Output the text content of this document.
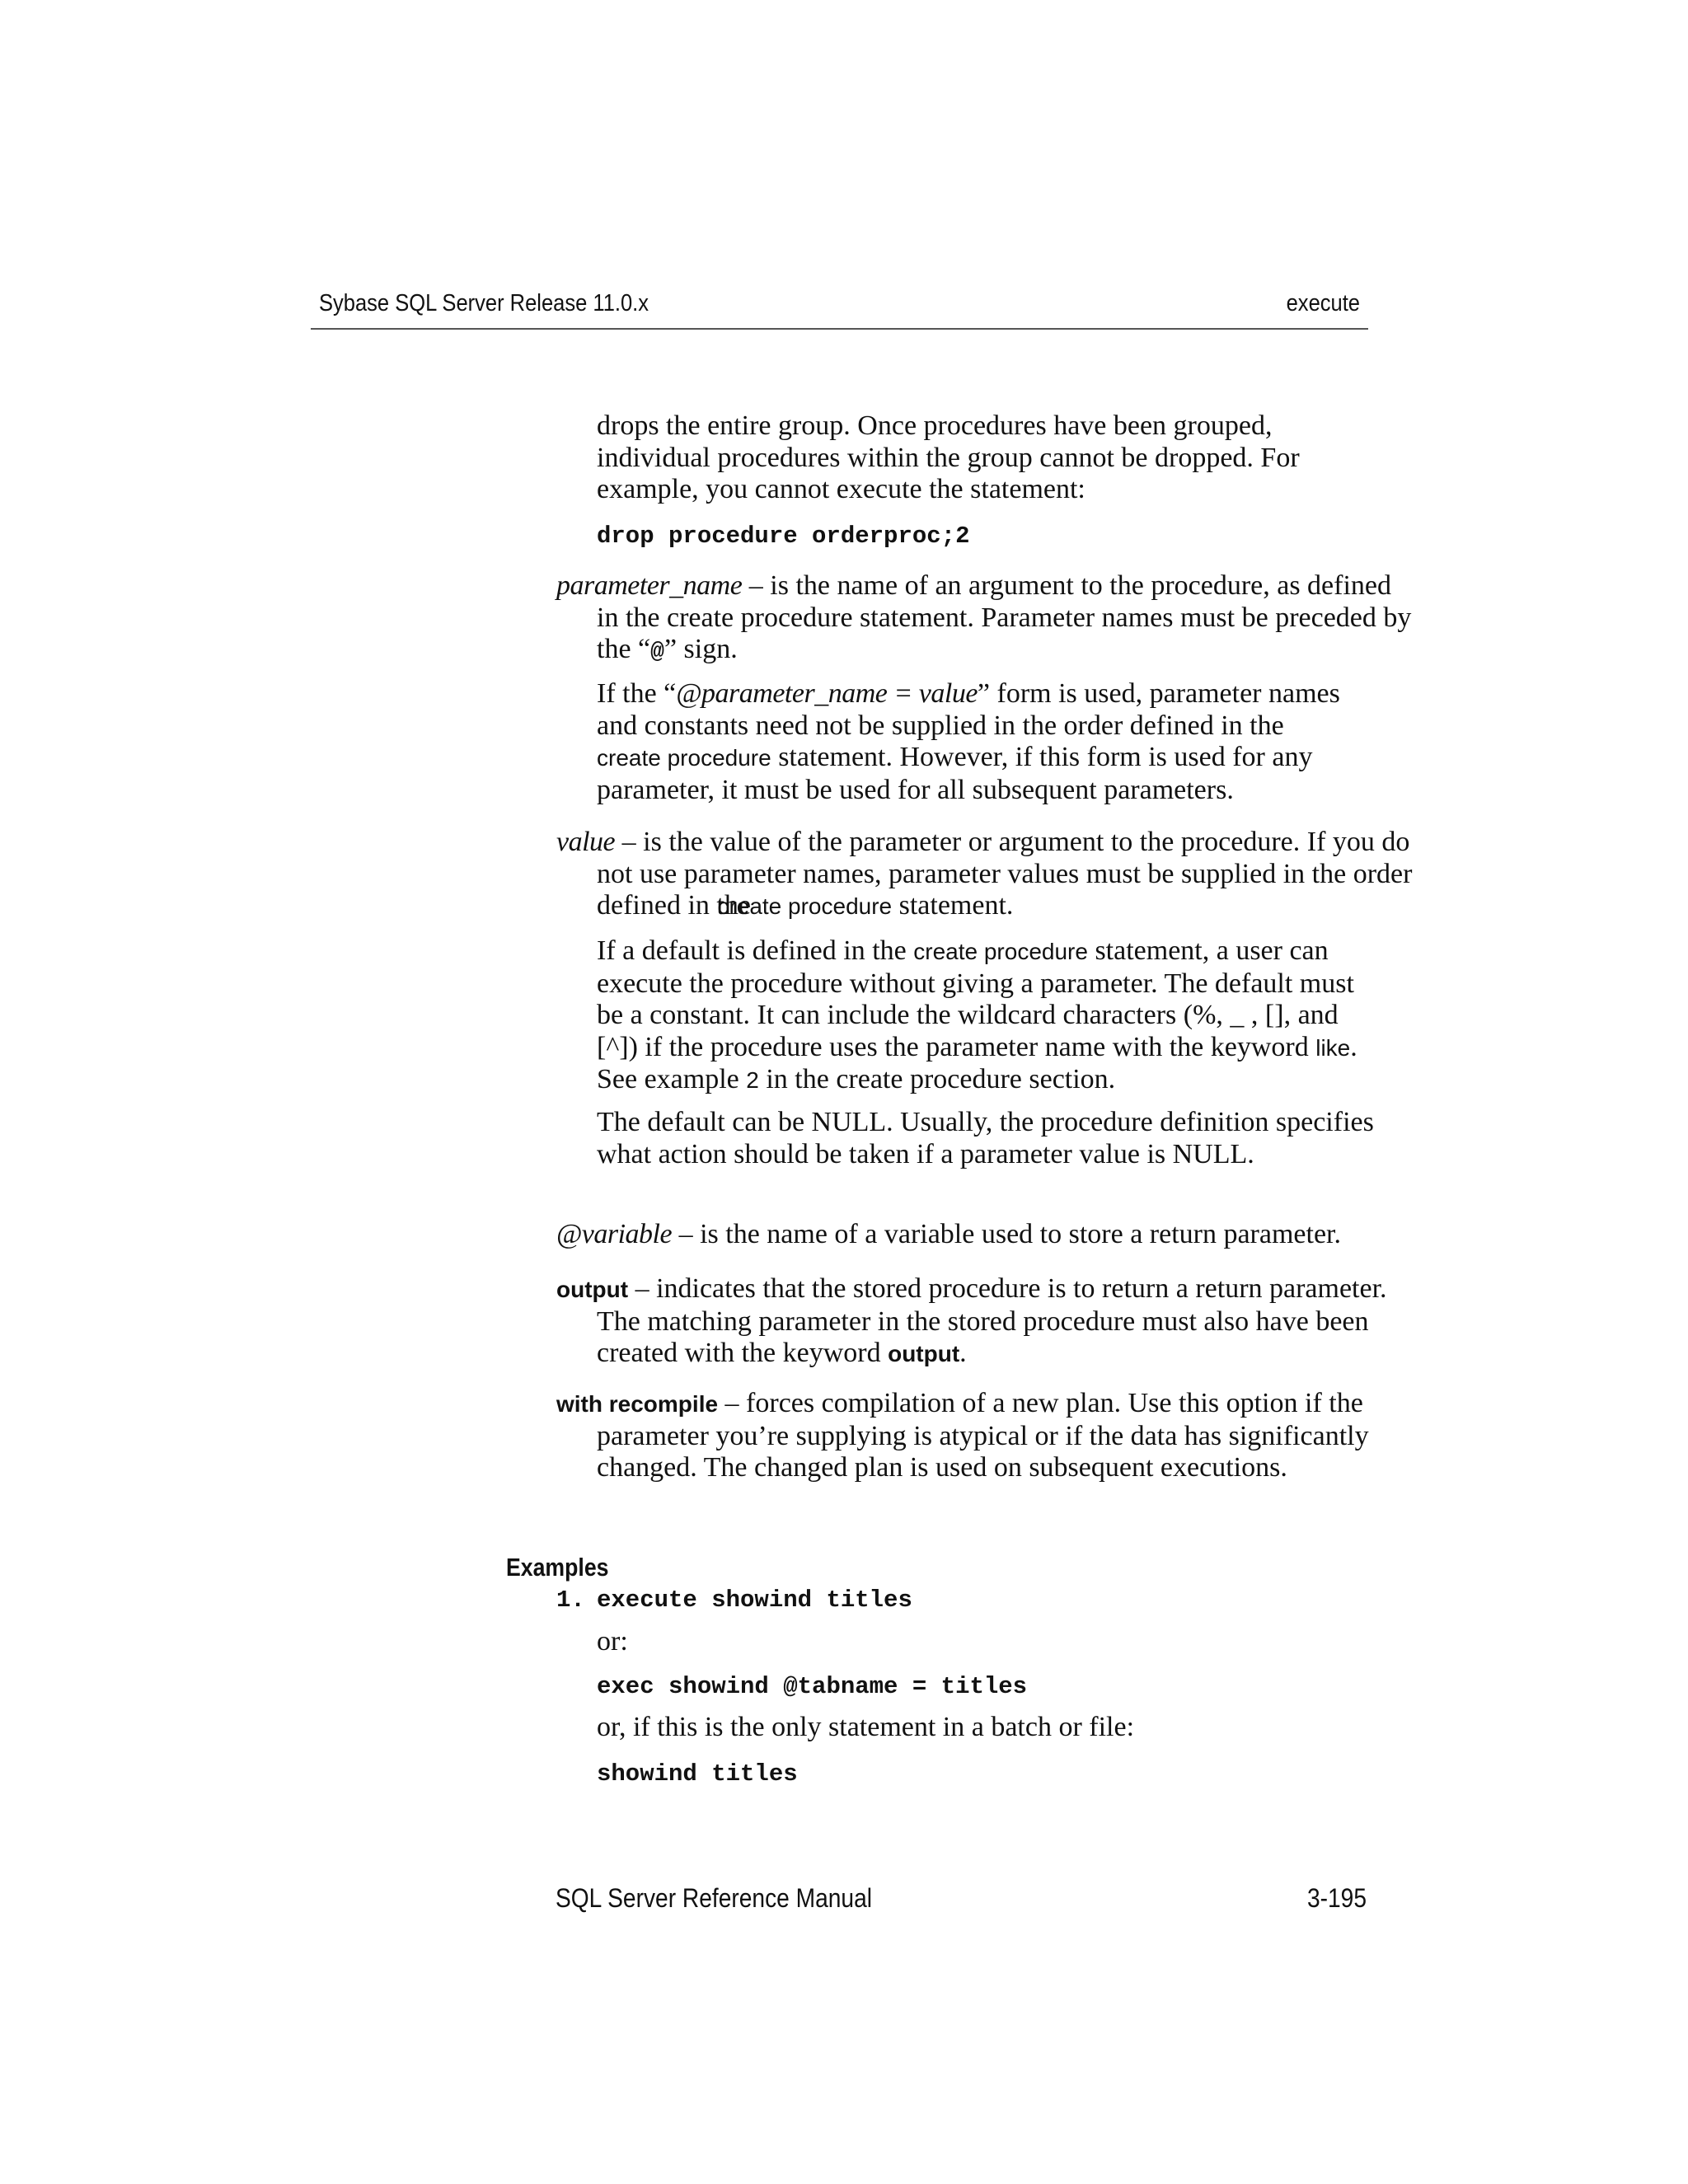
Sybase SQL Server Release 11.0.x	execute

drops the entire group. Once procedures have been grouped, individual procedures within the group cannot be dropped. For example, you cannot execute the statement:

drop procedure orderproc;2

parameter_name – is the name of an argument to the procedure, as defined in the create procedure statement. Parameter names must be preceded by the “@” sign.

If the “@parameter_name = value” form is used, parameter names and constants need not be supplied in the order defined in the create procedure statement. However, if this form is used for any parameter, it must be used for all subsequent parameters.

value – is the value of the parameter or argument to the procedure. If you do not use parameter names, parameter values must be supplied in the order defined in the create procedure statement.

If a default is defined in the create procedure statement, a user can execute the procedure without giving a parameter. The default must be a constant. It can include the wildcard characters (%, _ , [], and [^]) if the procedure uses the parameter name with the keyword like. See example 2 in the create procedure section.

The default can be NULL. Usually, the procedure definition specifies what action should be taken if a parameter value is NULL.

@variable – is the name of a variable used to store a return parameter.

output – indicates that the stored procedure is to return a return parameter. The matching parameter in the stored procedure must also have been created with the keyword output.

with recompile – forces compilation of a new plan. Use this option if the parameter you’re supplying is atypical or if the data has significantly changed. The changed plan is used on subsequent executions.

Examples
1. execute showind titles

or:

exec showind @tabname = titles

or, if this is the only statement in a batch or file:

showind titles
SQL Server Reference Manual	3-195
